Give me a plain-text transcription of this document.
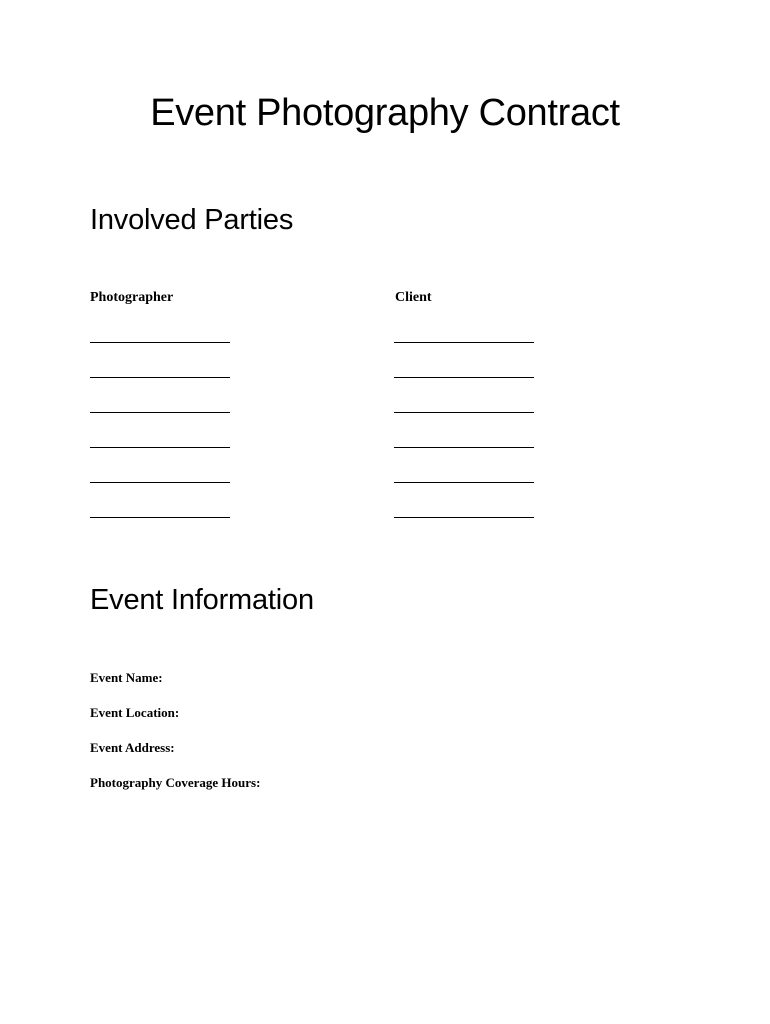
Event Photography Contract
Involved Parties
Photographer	Client
Event Information
Event Name:
Event Location:
Event Address:
Photography Coverage Hours:
